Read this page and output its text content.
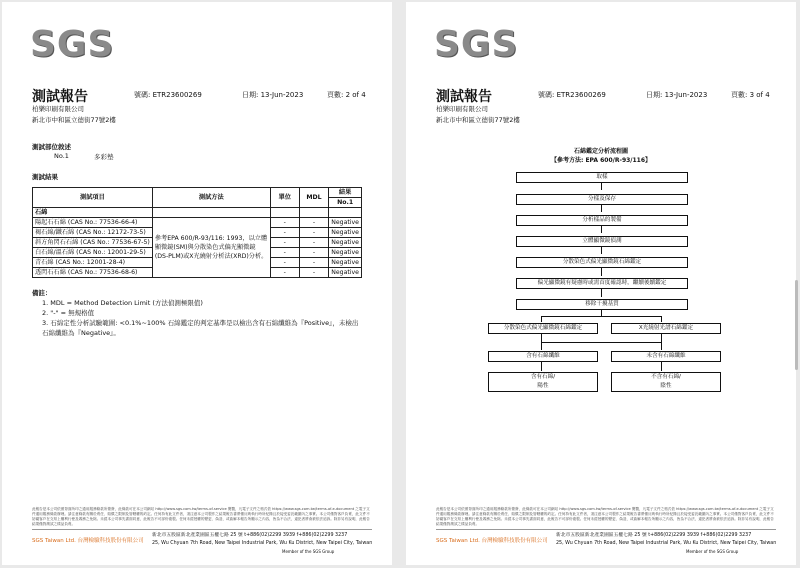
SGS
測試報告	號碼: ETR23600269	日期: 13-Jun-2023	頁數: 2 of 4
柏樂印刷有限公司
新北市中和區立德街77號2樓
測試部位敘述
No.1	多彩墊
測試結果
測試項目	測試方法	單位	MDL	結果
				No.1
石綿				
陽起石石綿 (CAS No.: 77536-66-4)	參考EPA 600/R-93/116: 1993，以立體顯微鏡(SM)與分散染色式偏光顯微鏡(DS-PLM)或X光繞射分析法(XRD)分析。	-	-	Negative
褐石綿/鐵石綿 (CAS No.: 12172-73-5)		-	-	Negative
斜方角閃石石綿 (CAS No.: 77536-67-5)		-	-	Negative
白石綿/溫石綿 (CAS No.: 12001-29-5)		-	-	Negative
青石綿 (CAS No.: 12001-28-4)		-	-	Negative
透閃石石綿 (CAS No.: 77536-68-6)		-	-	Negative
備註：
1. MDL = Method Detection Limit (方法偵測極限值)
2. "-" = 無規格值
3. 石綿定性分析試驗範圍: <0.1%~100% 石綿鑑定的判定基準是以檢出含有石綿纖維為『Positive』，未檢出石綿纖維為『Negative』。
此報告是本公司依照背面所印之通用服務條款所簽發，此條款可在本公司網站 http://www.sgs.com.tw/terms-of-service 閱覽，凡電子文件之格式依 https://www.sgs.com.tw/terms-of-e-document 之電子文件通用服務條款辦理。請注意條款有關於責任、賠償之限制及管轄權的約定。任何持有此文件者，須注意本公司製作之結果報告書將僅反映執行時所紀錄且於接受委託範圍內之事實。本公司僅對客戶負責，此文件不妨礙客戶在交易上權利行使及義務之免除。未經本公司事先書面同意，此報告不可部份複製。任何未經授權的變更、偽造、或曲解本報告所顯示之內容，皆為不合法，違犯者將會被依法追訴。除非另有說明，此報告結果僅對測試之樣品負責。
SGS Taiwan Ltd. 台灣檢驗科技股份有限公司
新北市五股區新北產業園區五權七路 25 號 t+886(02)2299 3939 f+886(02)2299 3237
25, Wu Chyuan 7th Road, New Taipei Industrial Park, Wu Ku District, New Taipei City, Taiwan
Member of the SGS Group
SGS
測試報告	號碼: ETR23600269	日期: 13-Jun-2023	頁數: 3 of 4
柏樂印刷有限公司
新北市中和區立德街77號2樓
石綿鑑定分析流程圖
【參考方法: EPA 600/R-93/116】
取樣
分樣及保存
分析樣品的製備
立體顯微鏡偵測
分散染色式偏光顯微鏡石綿鑑定
偏光顯微鏡有疑慮時或需首度確認時，繼續後續鑑定
移除干擾基質
分散染色式偏光顯微鏡石綿鑑定	X光繞射光譜石綿鑑定
含有石綿纖維	未含有石綿纖維
含有石綿/
陽性
不含有石綿/
陰性
此報告是本公司依照背面所印之通用服務條款所簽發，此條款可在本公司網站 http://www.sgs.com.tw/terms-of-service 閱覽，凡電子文件之格式依 https://www.sgs.com.tw/terms-of-e-document 之電子文件通用服務條款辦理。請注意條款有關於責任、賠償之限制及管轄權的約定。任何持有此文件者，須注意本公司製作之結果報告書將僅反映執行時所紀錄且於接受委託範圍內之事實。本公司僅對客戶負責，此文件不妨礙客戶在交易上權利行使及義務之免除。未經本公司事先書面同意，此報告不可部份複製。任何未經授權的變更、偽造、或曲解本報告所顯示之內容，皆為不合法，違犯者將會被依法追訴。除非另有說明，此報告結果僅對測試之樣品負責。
SGS Taiwan Ltd. 台灣檢驗科技股份有限公司
新北市五股區新北產業園區五權七路 25 號 t+886(02)2299 3939 f+886(02)2299 3237
25, Wu Chyuan 7th Road, New Taipei Industrial Park, Wu Ku District, New Taipei City, Taiwan
Member of the SGS Group
